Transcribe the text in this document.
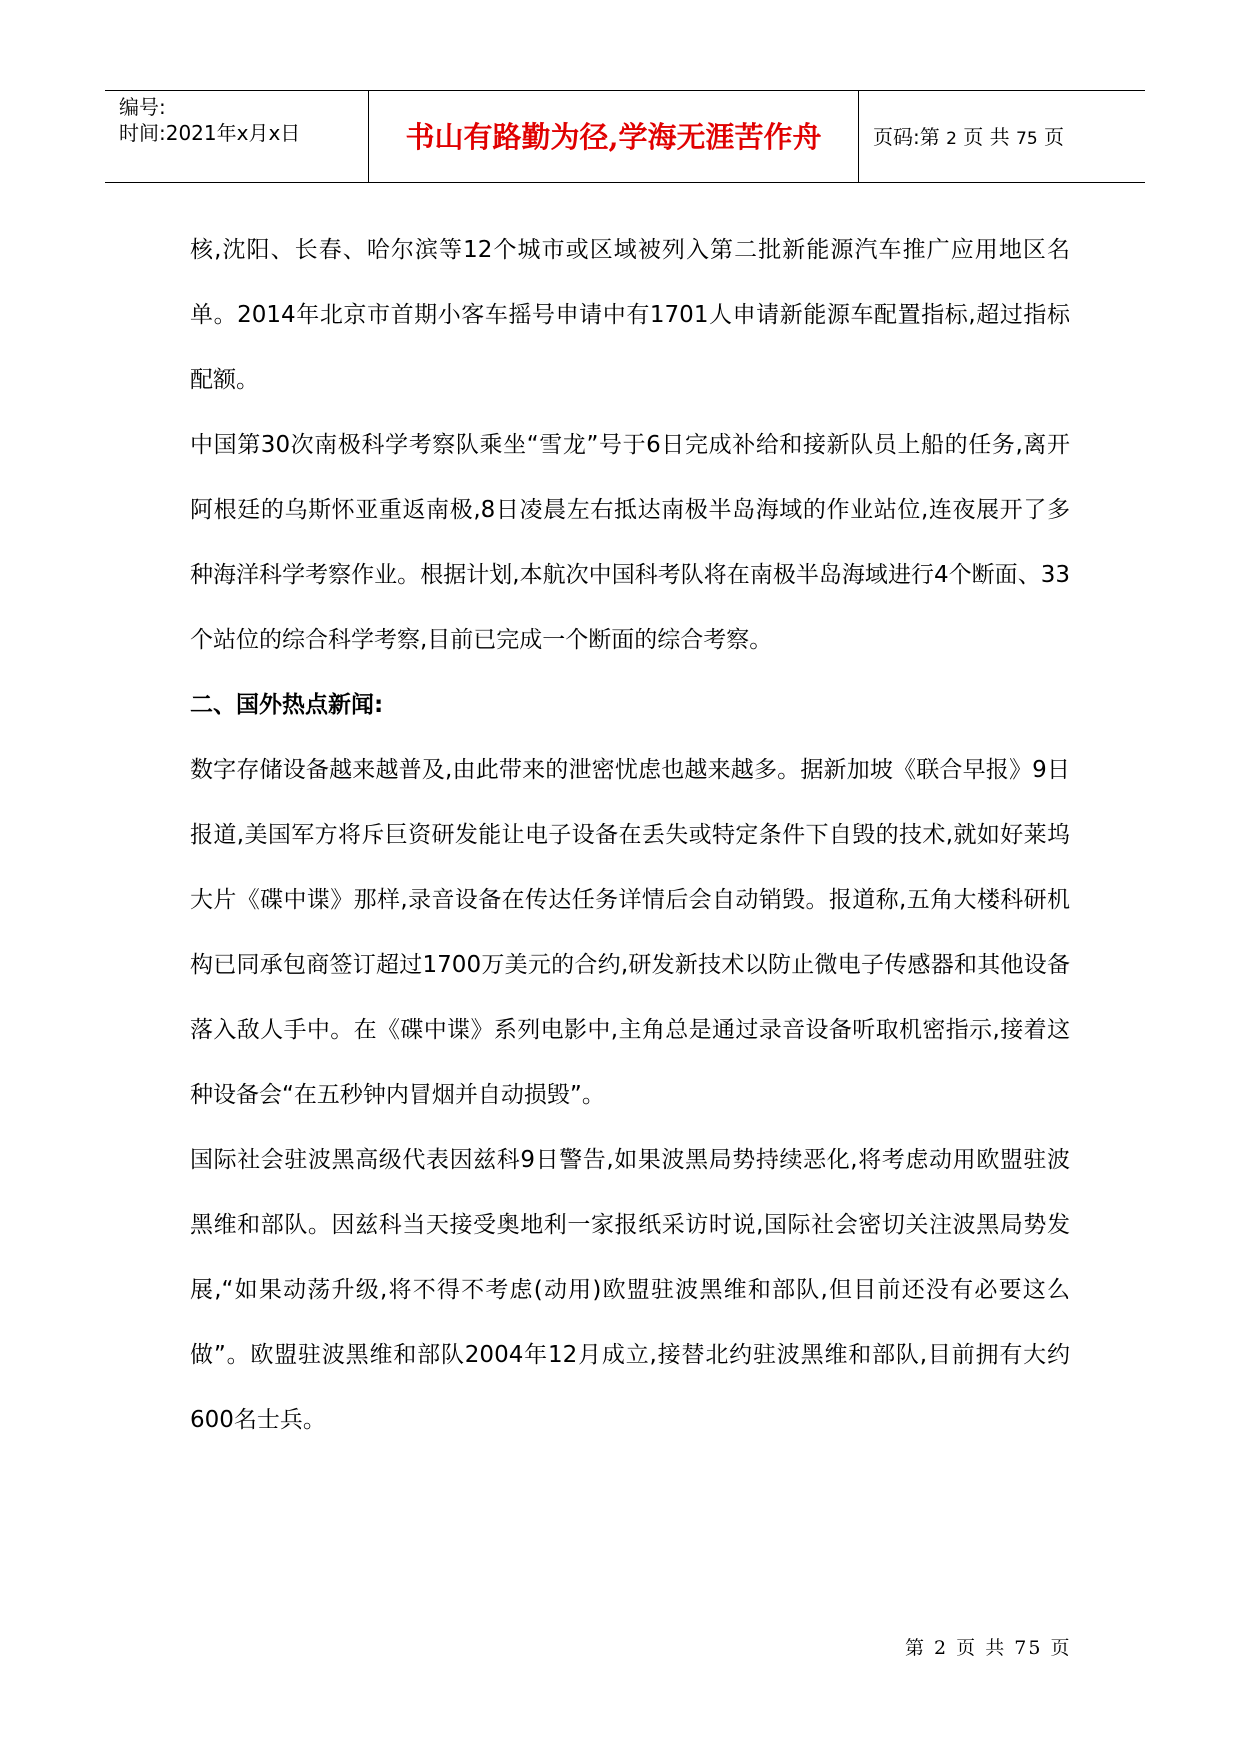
编号:
时间:2021年x月x日	书山有路勤为径,学海无涯苦作舟	页码:第 2 页 共 75 页

核,沈阳、长春、哈尔滨等12个城市或区域被列入第二批新能源汽车推广应用地区名单。2014年北京市首期小客车摇号申请中有1701人申请新能源车配置指标,超过指标配额。

中国第30次南极科学考察队乘坐“雪龙”号于6日完成补给和接新队员上船的任务,离开阿根廷的乌斯怀亚重返南极,8日凌晨左右抵达南极半岛海域的作业站位,连夜展开了多种海洋科学考察作业。根据计划,本航次中国科考队将在南极半岛海域进行4个断面、33个站位的综合科学考察,目前已完成一个断面的综合考察。

二、国外热点新闻:

数字存储设备越来越普及,由此带来的泄密忧虑也越来越多。据新加坡《联合早报》9日报道,美国军方将斥巨资研发能让电子设备在丢失或特定条件下自毁的技术,就如好莱坞大片《碟中谍》那样,录音设备在传达任务详情后会自动销毁。报道称,五角大楼科研机构已同承包商签订超过1700万美元的合约,研发新技术以防止微电子传感器和其他设备落入敌人手中。在《碟中谍》系列电影中,主角总是通过录音设备听取机密指示,接着这种设备会“在五秒钟内冒烟并自动损毁”。

国际社会驻波黑高级代表因兹科9日警告,如果波黑局势持续恶化,将考虑动用欧盟驻波黑维和部队。因兹科当天接受奥地利一家报纸采访时说,国际社会密切关注波黑局势发展,“如果动荡升级,将不得不考虑(动用)欧盟驻波黑维和部队,但目前还没有必要这么做”。欧盟驻波黑维和部队2004年12月成立,接替北约驻波黑维和部队,目前拥有大约600名士兵。

第 2 页 共 75 页
